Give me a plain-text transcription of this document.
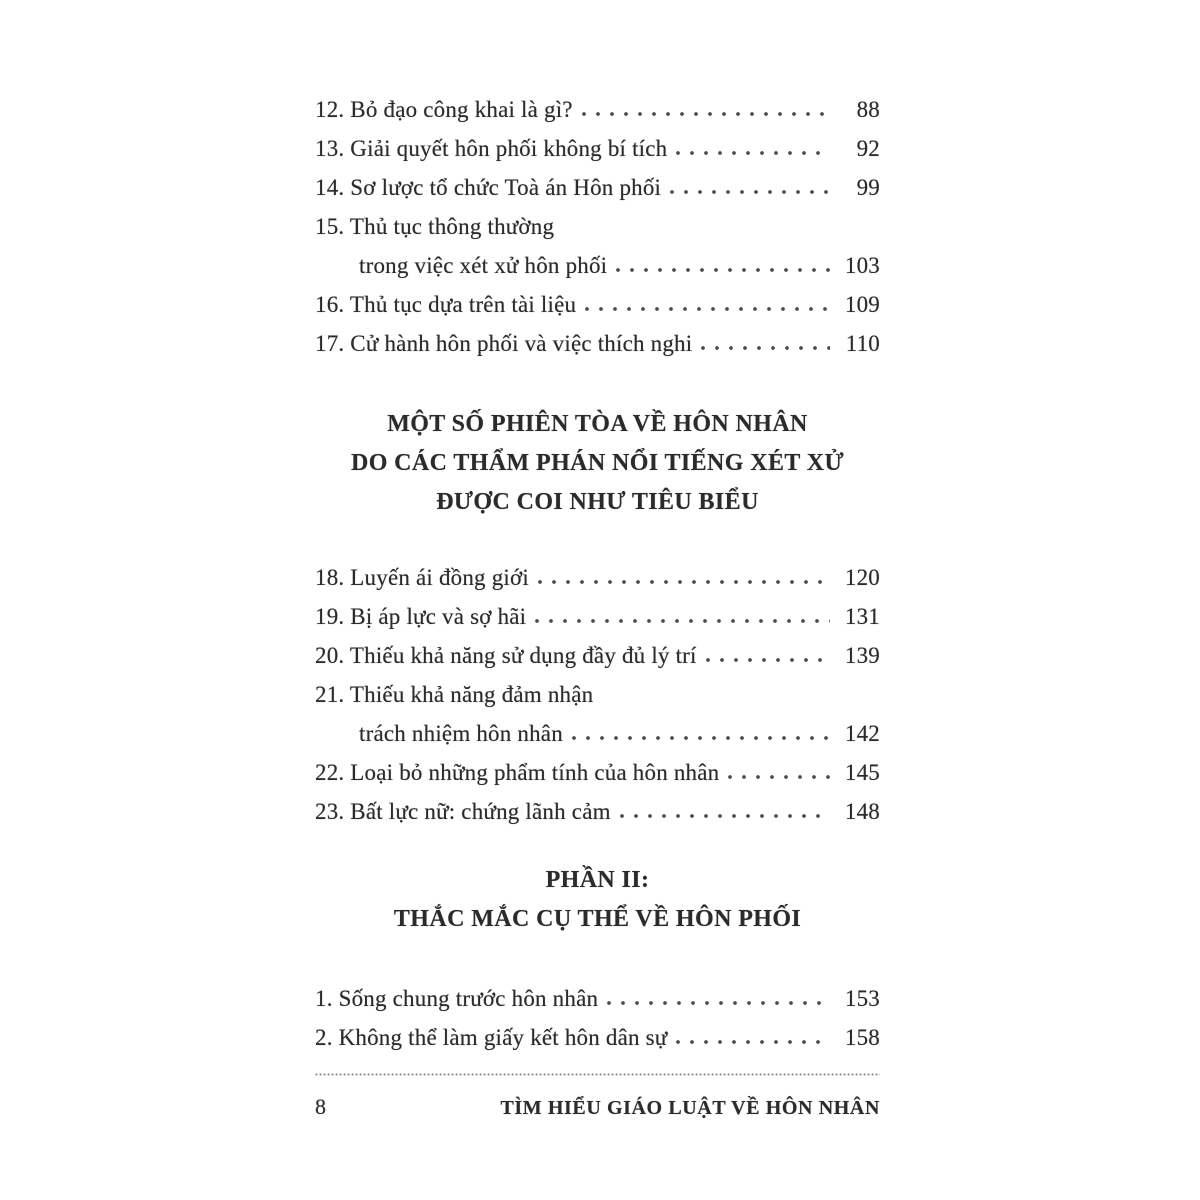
12. Bỏ đạo công khai là gì?	88
13. Giải quyết hôn phối không bí tích	92
14. Sơ lược tổ chức Toà án Hôn phối	99
15. Thủ tục thông thường
trong việc xét xử hôn phối	103
16. Thủ tục dựa trên tài liệu	109
17. Cử hành hôn phối và việc thích nghi	110
MỘT SỐ PHIÊN TÒA VỀ HÔN NHÂN
DO CÁC THẨM PHÁN NỔI TIẾNG XÉT XỬ
ĐƯỢC COI NHƯ TIÊU BIỂU
18. Luyến ái đồng giới	120
19. Bị áp lực và sợ hãi	131
20. Thiếu khả năng sử dụng đầy đủ lý trí	139
21. Thiếu khả năng đảm nhận
trách nhiệm hôn nhân	142
22. Loại bỏ những phẩm tính của hôn nhân	145
23. Bất lực nữ: chứng lãnh cảm	148
PHẦN II:
THẮC MẮC CỤ THỂ VỀ HÔN PHỐI
1. Sống chung trước hôn nhân	153
2. Không thể làm giấy kết hôn dân sự	158
8	TÌM HIỂU GIÁO LUẬT VỀ HÔN NHÂN
